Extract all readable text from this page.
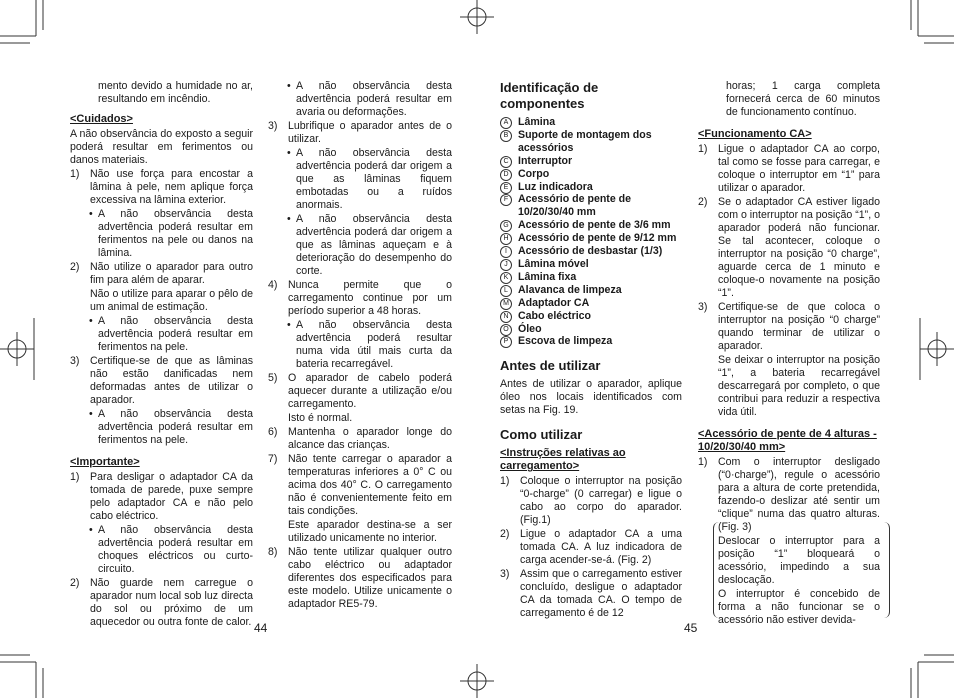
mento devido a humidade no ar, resultando em incêndio.

<Cuidados>

A não observância do exposto a seguir poderá resultar em ferimentos ou danos materiais.

1) Não use força para encostar a lâmina à pele, nem aplique força excessiva na lâmina exterior.
• A não observância desta advertência poderá resultar em ferimentos na pele ou danos na lâmina.
2) Não utilize o aparador para outro fim para além de aparar.

Não o utilize para aparar o pêlo de um animal de estimação.

• A não observância desta advertência poderá resultar em ferimentos na pele.
3) Certifique-se de que as lâminas não estão danificadas nem deformadas antes de utilizar o aparador.
• A não observância desta advertência poderá resultar em ferimentos na pele.

<Importante>

1) Para desligar o adaptador CA da tomada de parede, puxe sempre pelo adaptador CA e não pelo cabo eléctrico.
• A não observância desta advertência poderá resultar em choques eléctricos ou curto-circuito.
2) Não guarde nem carregue o aparador num local sob luz directa do sol ou próximo de um aquecedor ou outra fonte de calor.
• A não observância desta advertência poderá resultar em avaria ou deformações.
3) Lubrifique o aparador antes de o utilizar.
• A não observância desta advertência poderá dar origem a que as lâminas fiquem embotadas ou a ruídos anormais.
• A não observância desta advertência poderá dar origem a que as lâminas aqueçam e à deterioração do desempenho do corte.
4) Nunca permite que o carregamento continue por um período superior a 48 horas.
• A não observância desta advertência poderá resultar numa vida útil mais curta da bateria recarregável.
5) O aparador de cabelo poderá aquecer durante a utilização e/ou carregamento.

Isto é normal.

6) Mantenha o aparador longe do alcance das crianças.
7) Não tente carregar o aparador a temperaturas inferiores a 0° C ou acima dos 40° C. O carregamento não é convenientemente feito em tais condições.

Este aparador destina-se a ser utilizado unicamente no interior.

8) Não tente utilizar qualquer outro cabo eléctrico ou adaptador diferentes dos especificados para este modelo. Utilize unicamente o adaptador RE5-79.
44

Identificação de componentes

A Lâmina
B Suporte de montagem dos acessórios
C Interruptor
D Corpo
E Luz indicadora
F Acessório de pente de 10/20/30/40 mm
G Acessório de pente de 3/6 mm
H Acessório de pente de 9/12 mm
I	Acessório de desbastar (1/3)
J Lâmina móvel
K Lâmina fixa
L Alavanca de limpeza
M Adaptador CA
N Cabo eléctrico
O Óleo
P Escova de limpeza

Antes de utilizar

Antes de utilizar o aparador, aplique óleo nos locais identificados com setas na Fig. 19.

Como utilizar

<Instruções relativas ao carregamento>

1) Coloque o interruptor na posição “0-charge” (0 carregar) e ligue o cabo ao corpo do aparador. (Fig.1)
2) Ligue o adaptador CA a uma tomada CA. A luz indicadora de carga acender-se-á. (Fig. 2)
3) Assim que o carregamento estiver concluído, desligue o adaptador CA da tomada CA. O tempo de carregamento é de 12

horas; 1 carga completa fornecerá cerca de 60 minutos de funcionamento contínuo.

<Funcionamento CA>

1) Ligue o adaptador CA ao corpo, tal como se fosse para carregar, e coloque o interruptor em “1” para utilizar o aparador.
2) Se o adaptador CA estiver ligado com o interruptor na posição “1”, o aparador poderá não funcionar. Se tal acontecer, coloque o interruptor na posição “0 charge”, aguarde cerca de 1 minuto e coloque-o novamente na posição “1”.
3) Certifique-se de que coloca o interruptor na posição “0 charge” quando terminar de utilizar o aparador.

Se deixar o interruptor na posição “1”, a bateria recarregável descarregará por completo, o que contribui para reduzir a respectiva vida útil.

<Acessório de pente de 4 alturas - 10/20/30/40 mm>

1) Com o interruptor desligado (“0·charge”), regule o acessório para a altura de corte pretendida, fazendo-o deslizar até sentir um “clique” numa das quatro alturas. (Fig. 3)

Deslocar o interruptor para a posição “1” bloqueará o acessório, impedindo a sua deslocação.

O interruptor é concebido de forma a não funcionar se o acessório não estiver devida-

45
